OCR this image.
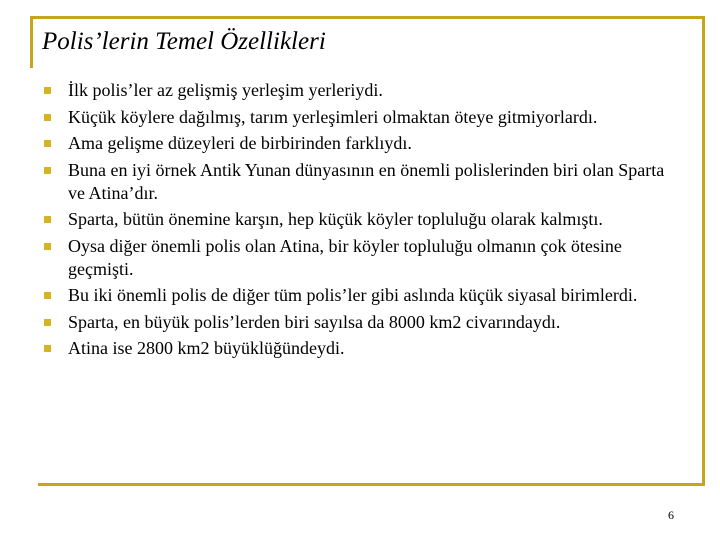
Polis’lerin Temel Özellikleri
İlk polis’ler az gelişmiş yerleşim yerleriydi.
Küçük köylere dağılmış, tarım yerleşimleri olmaktan öteye gitmiyorlardı.
Ama gelişme düzeyleri de birbirinden farklıydı.
Buna en iyi örnek Antik Yunan dünyasının en önemli polislerinden biri olan Sparta ve Atina’dır.
Sparta, bütün önemine karşın, hep küçük köyler topluluğu olarak kalmıştı.
Oysa diğer önemli polis olan Atina, bir köyler topluluğu olmanın çok ötesine geçmişti.
Bu iki önemli polis de diğer tüm polis’ler gibi aslında küçük siyasal birimlerdi.
Sparta, en büyük polis’lerden biri sayılsa da 8000 km2 civarındaydı.
Atina ise 2800 km2 büyüklüğündeydi.
6
